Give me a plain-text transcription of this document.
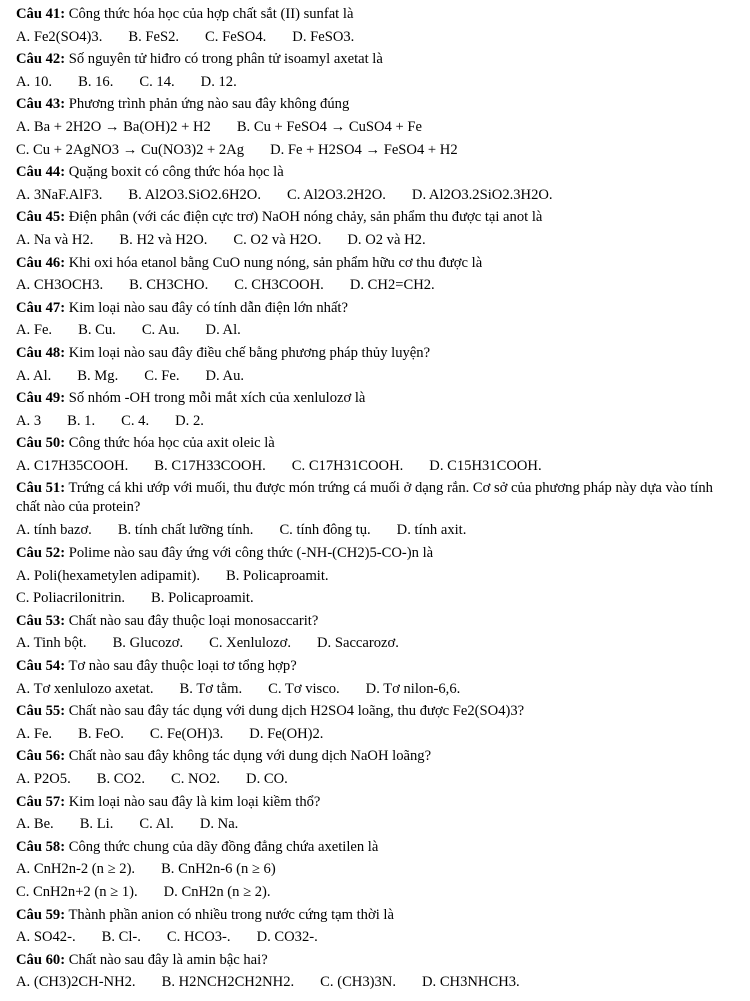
Câu 41: Công thức hóa học của hợp chất sắt (II) sunfat là
A. Fe2(SO4)3. B. FeS2. C. FeSO4. D. FeSO3.
Câu 42: Số nguyên tử hiđro có trong phân tử isoamyl axetat là
A. 10. B. 16. C. 14. D. 12.
Câu 43: Phương trình phản ứng nào sau đây không đúng
A. Ba + 2H2O → Ba(OH)2 + H2 B. Cu + FeSO4 → CuSO4 + Fe
C. Cu + 2AgNO3 → Cu(NO3)2 + 2Ag D. Fe + H2SO4 → FeSO4 + H2
Câu 44: Quặng boxit có công thức hóa học là
A. 3NaF.AlF3. B. Al2O3.SiO2.6H2O. C. Al2O3.2H2O. D. Al2O3.2SiO2.3H2O.
Câu 45: Điện phân (với các điện cực trơ) NaOH nóng chảy, sản phẩm thu được tại anot là
A. Na và H2. B. H2 và H2O. C. O2 và H2O. D. O2 và H2.
Câu 46: Khi oxi hóa etanol bằng CuO nung nóng, sản phẩm hữu cơ thu được là
A. CH3OCH3. B. CH3CHO. C. CH3COOH. D. CH2=CH2.
Câu 47: Kim loại nào sau đây có tính dẫn điện lớn nhất?
A. Fe. B. Cu. C. Au. D. Al.
Câu 48: Kim loại nào sau đây điều chế bằng phương pháp thủy luyện?
A. Al. B. Mg. C. Fe. D. Au.
Câu 49: Số nhóm -OH trong mỗi mắt xích của xenlulozơ là
A. 3 B. 1. C. 4. D. 2.
Câu 50: Công thức hóa học của axit oleic là
A. C17H35COOH. B. C17H33COOH. C. C17H31COOH. D. C15H31COOH.
Câu 51: Trứng cá khi ướp với muối, thu được món trứng cá muối ở dạng rắn. Cơ sở của phương pháp này dựa vào tính chất nào của protein?
A. tính bazơ. B. tính chất lưỡng tính. C. tính đông tụ. D. tính axit.
Câu 52: Polime nào sau đây ứng với công thức (-NH-(CH2)5-CO-)n là
A. Poli(hexametylen adipamit). B. Policaproamit.
C. Poliacrilonitrin. B. Policaproamit.
Câu 53: Chất nào sau đây thuộc loại monosaccarit?
A. Tinh bột. B. Glucozơ. C. Xenlulozơ. D. Saccarozơ.
Câu 54: Tơ nào sau đây thuộc loại tơ tổng hợp?
A. Tơ xenlulozo axetat. B. Tơ tằm. C. Tơ visco. D. Tơ nilon-6,6.
Câu 55: Chất nào sau đây tác dụng với dung dịch H2SO4 loãng, thu được Fe2(SO4)3?
A. Fe. B. FeO. C. Fe(OH)3. D. Fe(OH)2.
Câu 56: Chất nào sau đây không tác dụng với dung dịch NaOH loãng?
A. P2O5. B. CO2. C. NO2. D. CO.
Câu 57: Kim loại nào sau đây là kim loại kiềm thổ?
A. Be. B. Li. C. Al. D. Na.
Câu 58: Công thức chung của dãy đồng đẳng chứa axetilen là
A. CnH2n-2 (n ≥ 2). B. CnH2n-6 (n ≥ 6)
C. CnH2n+2 (n ≥ 1). D. CnH2n (n ≥ 2).
Câu 59: Thành phần anion có nhiều trong nước cứng tạm thời là
A. SO42-. B. Cl-. C. HCO3-. D. CO32-.
Câu 60: Chất nào sau đây là amin bậc hai?
A. (CH3)2CH-NH2. B. H2NCH2CH2NH2. C. (CH3)3N. D. CH3NHCH3.
